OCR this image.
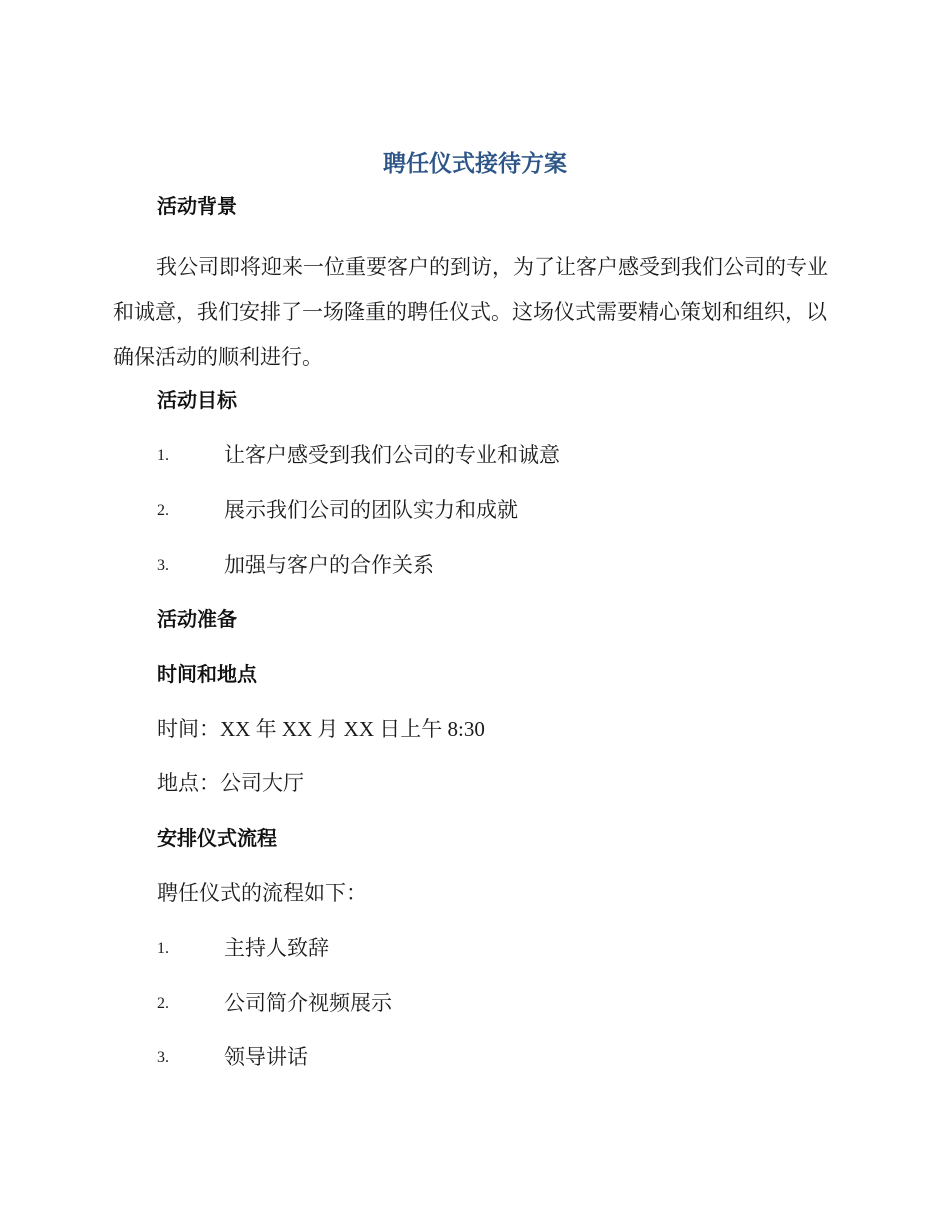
聘任仪式接待方案
活动背景
我公司即将迎来一位重要客户的到访，为了让客户感受到我们公司的专业和诚意，我们安排了一场隆重的聘任仪式。这场仪式需要精心策划和组织，以确保活动的顺利进行。
活动目标
1.	让客户感受到我们公司的专业和诚意
2.	展示我们公司的团队实力和成就
3.	加强与客户的合作关系
活动准备
时间和地点
时间：XX 年 XX 月 XX 日上午 8:30
地点：公司大厅
安排仪式流程
聘任仪式的流程如下：
1.	主持人致辞
2.	公司简介视频展示
3.	领导讲话
